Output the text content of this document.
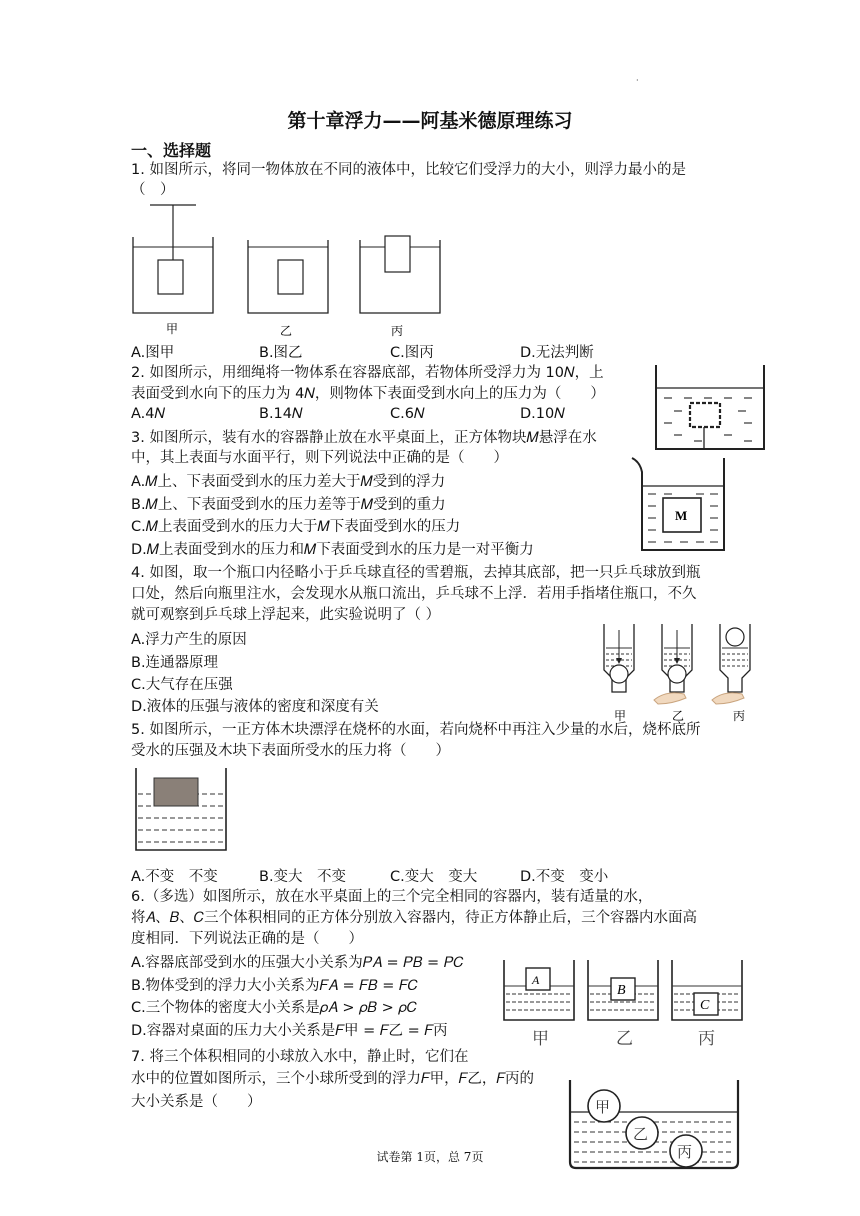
·
第十章浮力——阿基米德原理练习
一、选择题
1. 如图所示，将同一物体放在不同的液体中，比较它们受浮力的大小，则浮力最小的是
（　）
甲	乙	丙
A.图甲	B.图乙	C.图丙	D.无法判断
2. 如图所示，用细绳将一物体系在容器底部，若物体所受浮力为 10𝑁，上
表面受到水向下的压力为 4𝑁，则物体下表面受到水向上的压力为（　　）
A.4𝑁	B.14𝑁	C.6𝑁	D.10𝑁
3. 如图所示，装有水的容器静止放在水平桌面上，正方体物块𝑀悬浮在水
中，其上表面与水面平行，则下列说法中正确的是（　　）
A.𝑀上、下表面受到水的压力差大于𝑀受到的浮力
B.𝑀上、下表面受到水的压力差等于𝑀受到的重力
C.𝑀上表面受到水的压力大于𝑀下表面受到水的压力
D.𝑀上表面受到水的压力和𝑀下表面受到水的压力是一对平衡力
M
4. 如图，取一个瓶口内径略小于乒乓球直径的雪碧瓶，去掉其底部，把一只乒乓球放到瓶
口处，然后向瓶里注水，会发现水从瓶口流出，乒乓球不上浮．若用手指堵住瓶口，不久
就可观察到乒乓球上浮起来，此实验说明了（ ）
A.浮力产生的原因
B.连通器原理
C.大气存在压强
D.液体的压强与液体的密度和深度有关
甲	乙	丙
5. 如图所示，一正方体木块漂浮在烧杯的水面，若向烧杯中再注入少量的水后，烧杯底所
受水的压强及木块下表面所受水的压力将（　　）
A.不变　不变	B.变大　不变	C.变大　变大	D.不变　变小
6.（多选）如图所示，放在水平桌面上的三个完全相同的容器内，装有适量的水，
将𝐴、𝐵、𝐶三个体积相同的正方体分别放入容器内，待正方体静止后，三个容器内水面高
度相同．下列说法正确的是（　　）
A.容器底部受到水的压强大小关系为𝑃𝐴 = 𝑃𝐵 = 𝑃𝐶
B.物体受到的浮力大小关系为𝐹𝐴 = 𝐹𝐵 = 𝐹𝐶
C.三个物体的密度大小关系是𝜌𝐴 > 𝜌𝐵 > 𝜌𝐶
D.容器对桌面的压力大小关系是𝐹甲 = 𝐹乙 = 𝐹丙
A
B
C
甲	乙	丙
7. 将三个体积相同的小球放入水中，静止时，它们在
水中的位置如图所示，三个小球所受到的浮力𝐹甲，𝐹乙，𝐹丙的
大小关系是（　　）	甲
乙
丙
试卷第 1页，总 7页
